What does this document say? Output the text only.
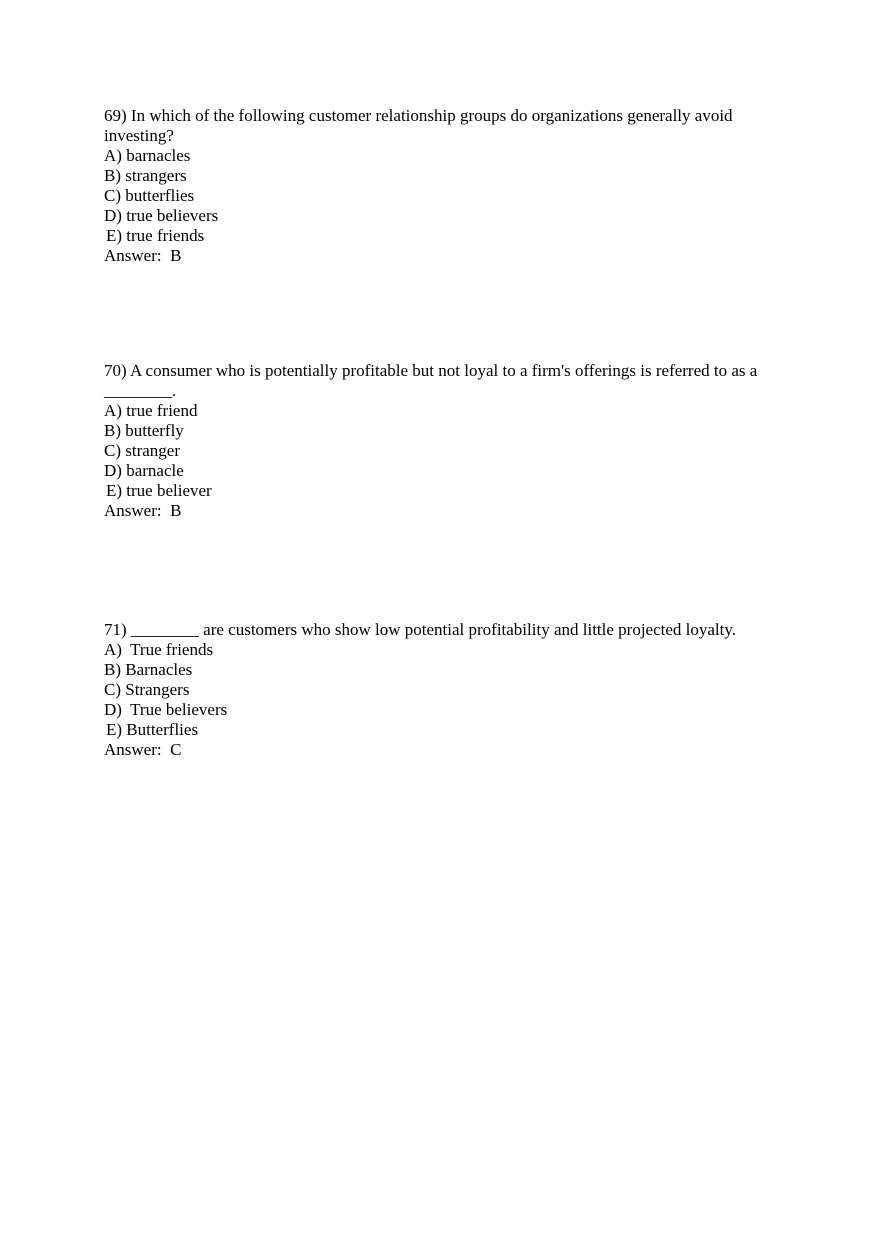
69) In which of the following customer relationship groups do organizations generally avoid investing?

A) barnacles

B) strangers

C) butterflies

D) true believers

E) true friends

Answer:  B

70) A consumer who is potentially profitable but not loyal to a firm's offerings is referred to as a ________.

A) true friend

B) butterfly

C) stranger

D) barnacle

E) true believer

Answer:  B

71) ________ are customers who show low potential profitability and little projected loyalty.

A)  True friends

B) Barnacles

C) Strangers

D)  True believers

E) Butterflies

Answer:  C
